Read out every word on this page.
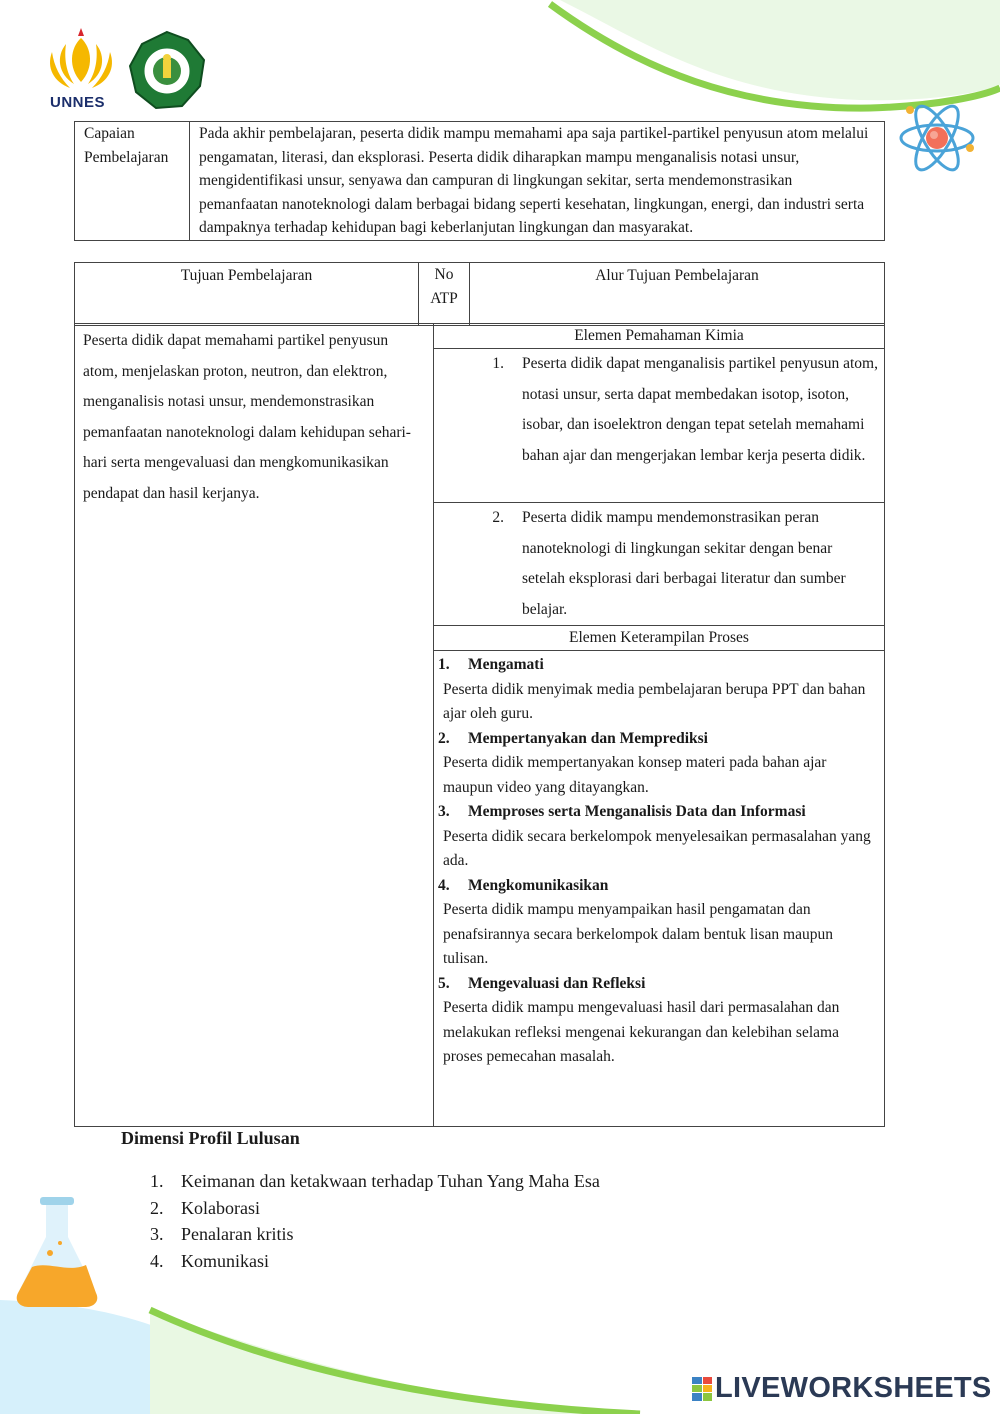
UNNES
Capaian Pembelajaran	Pada akhir pembelajaran, peserta didik mampu memahami apa saja partikel-partikel penyusun atom melalui pengamatan, literasi, dan eksplorasi. Peserta didik diharapkan mampu menganalisis notasi unsur, mengidentifikasi unsur, senyawa dan campuran di lingkungan sekitar, serta mendemonstrasikan pemanfaatan nanoteknologi dalam berbagai bidang seperti kesehatan, lingkungan, energi, dan industri serta dampaknya terhadap kehidupan bagi keberlanjutan lingkungan dan masyarakat.
Tujuan Pembelajaran	No ATP	Alur Tujuan Pembelajaran
Peserta didik dapat memahami partikel penyusun atom, menjelaskan proton, neutron, dan elektron, menganalisis notasi unsur, mendemonstrasikan pemanfaatan nanoteknologi dalam kehidupan sehari-hari serta mengevaluasi dan mengkomunikasikan pendapat dan hasil kerjanya.
Elemen Pemahaman Kimia
1.	Peserta didik dapat menganalisis partikel penyusun atom, notasi unsur, serta dapat membedakan isotop, isoton, isobar, dan isoelektron dengan tepat setelah memahami bahan ajar dan mengerjakan lembar kerja peserta didik.
2.	Peserta didik mampu mendemonstrasikan peran nanoteknologi di lingkungan sekitar dengan benar setelah eksplorasi dari berbagai literatur dan sumber belajar.
Elemen Keterampilan Proses
1. Mengamati
Peserta didik menyimak media pembelajaran berupa PPT dan bahan ajar oleh guru.
2. Mempertanyakan dan Memprediksi
Peserta didik mempertanyakan konsep materi pada bahan ajar maupun video yang ditayangkan.
3. Memproses serta Menganalisis Data dan Informasi
Peserta didik secara berkelompok menyelesaikan permasalahan yang ada.
4. Mengkomunikasikan
Peserta didik mampu menyampaikan hasil pengamatan dan penafsirannya secara berkelompok dalam bentuk lisan maupun tulisan.
5. Mengevaluasi dan Refleksi
Peserta didik mampu mengevaluasi hasil dari permasalahan dan melakukan refleksi mengenai kekurangan dan kelebihan selama proses pemecahan masalah.
Dimensi Profil Lulusan
1. Keimanan dan ketakwaan terhadap Tuhan Yang Maha Esa
2. Kolaborasi
3. Penalaran kritis
4. Komunikasi
LIVEWORKSHEETS
